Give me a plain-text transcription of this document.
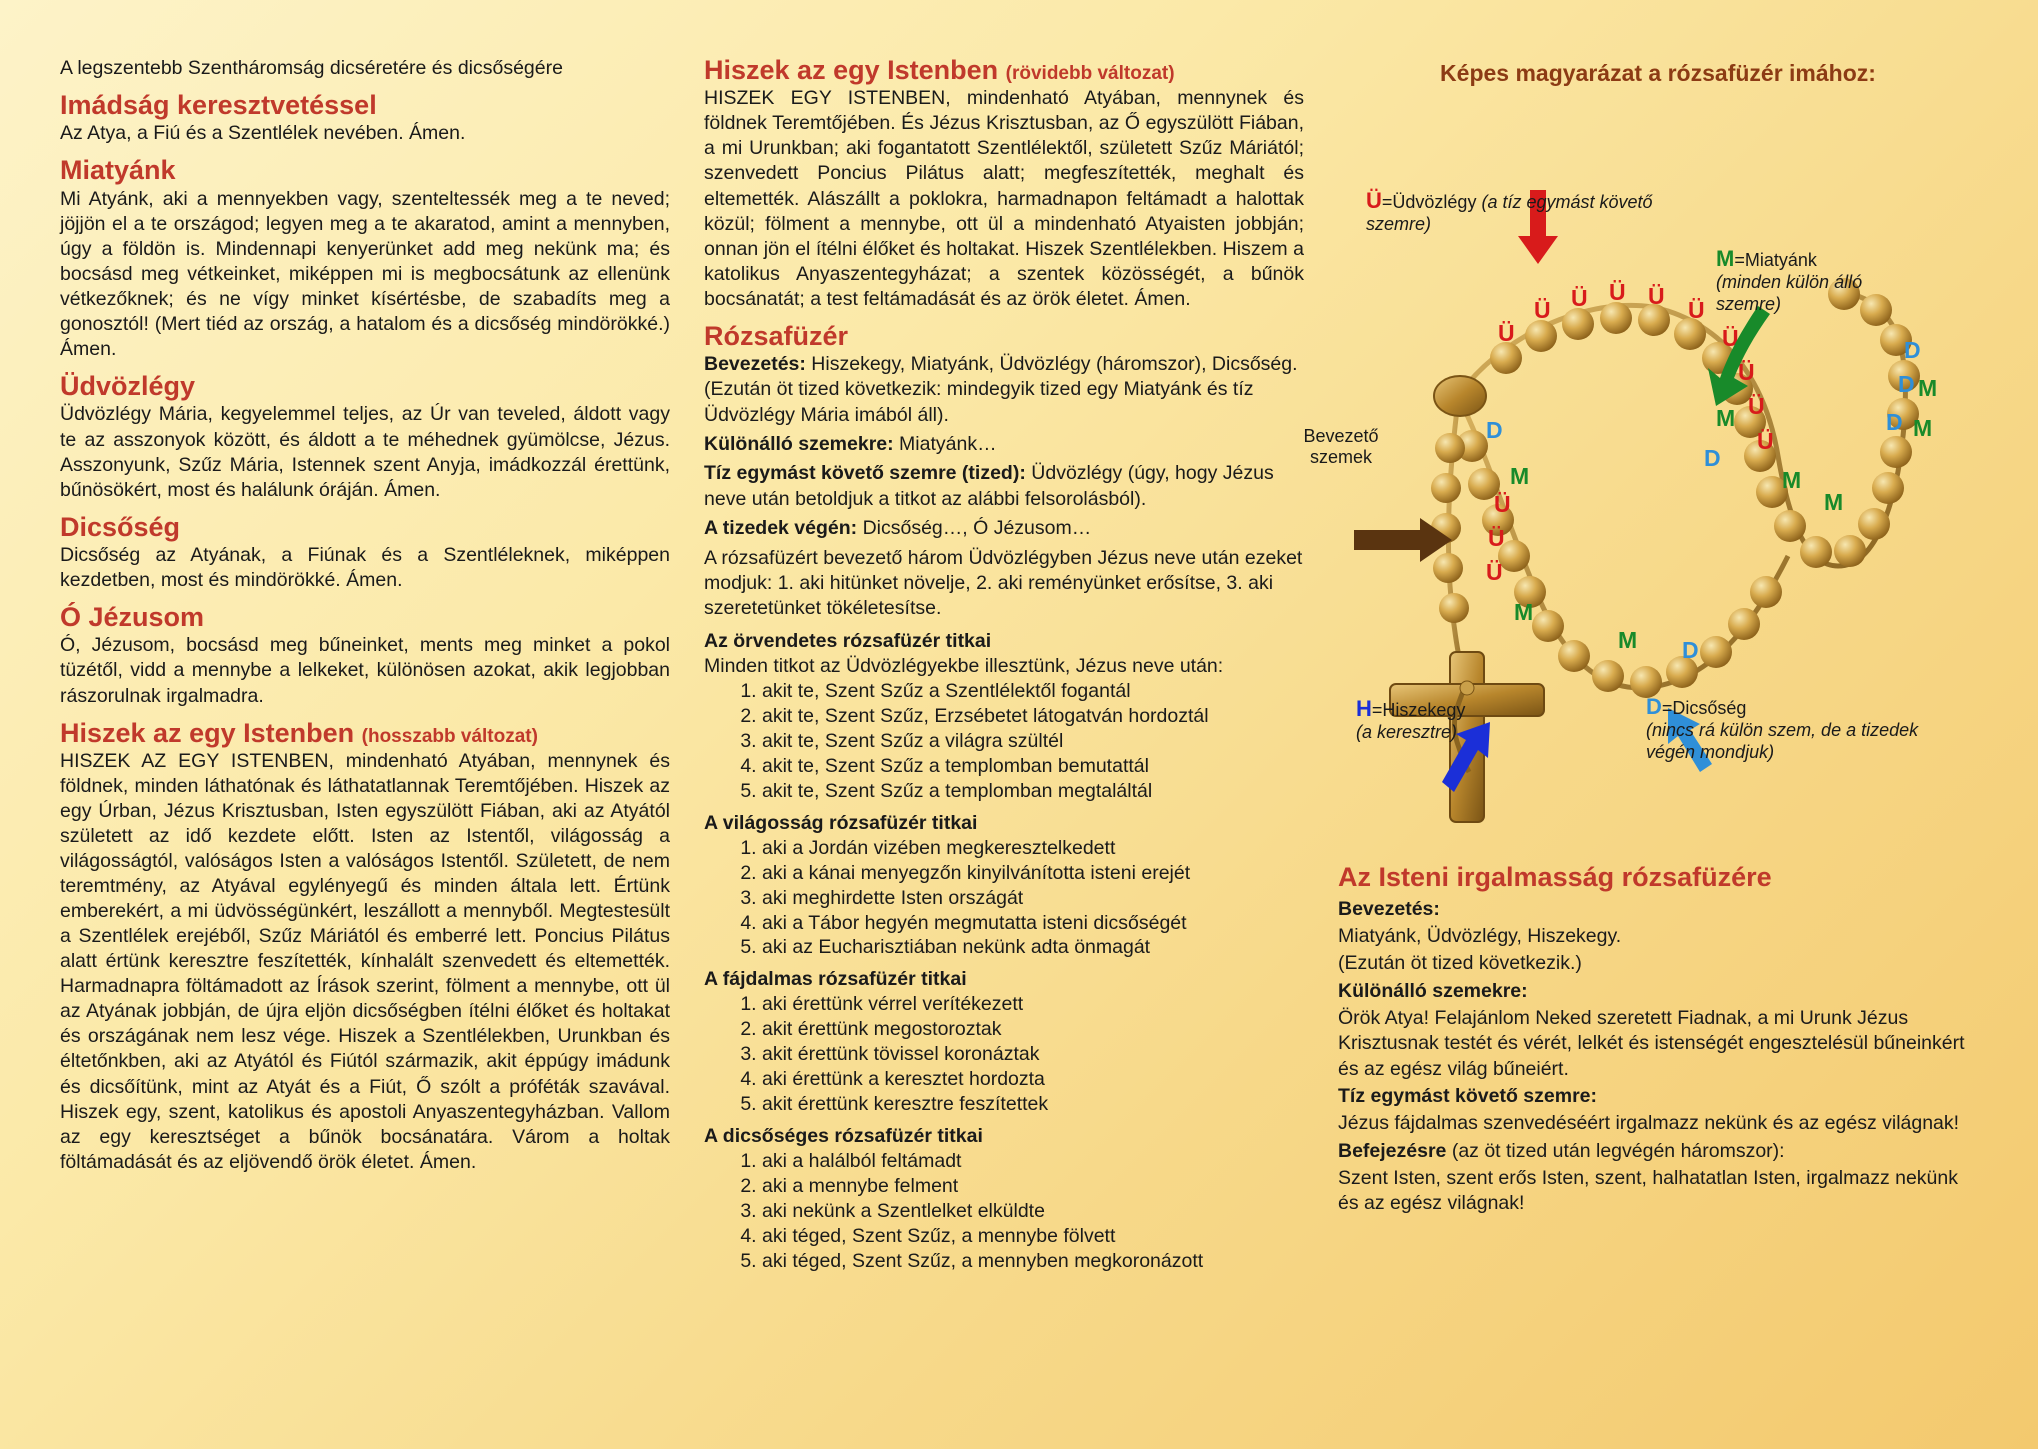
A legszentebb Szentháromság dicséretére és dicsőségére

Imádság keresztvetéssel

Az Atya, a Fiú és a Szentlélek nevében. Ámen.

Miatyánk

Mi Atyánk, aki a mennyekben vagy, szenteltessék meg a te neved; jöjjön el a te országod; legyen meg a te akaratod, amint a mennyben, úgy a földön is. Mindennapi kenyerünket add meg nekünk ma; és bocsásd meg vétkeinket, miképpen mi is megbocsátunk az ellenünk vétkezőknek; és ne vígy minket kísértésbe, de szabadíts meg a gonosztól! (Mert tiéd az ország, a hatalom és a dicsőség mindörökké.) Ámen.

Üdvözlégy

Üdvözlégy Mária, kegyelemmel teljes, az Úr van teveled, áldott vagy te az asszonyok között, és áldott a te méhednek gyümölcse, Jézus. Asszonyunk, Szűz Mária, Istennek szent Anyja, imádkozzál érettünk, bűnösökért, most és halálunk óráján. Ámen.

Dicsőség

Dicsőség az Atyának, a Fiúnak és a Szentléleknek, miképpen kezdetben, most és mindörökké. Ámen.

Ó Jézusom

Ó, Jézusom, bocsásd meg bűneinket, ments meg minket a pokol tüzétől, vidd a mennybe a lelkeket, különösen azokat, akik legjobban rászorulnak irgalmadra.

Hiszek az egy Istenben (hosszabb változat)

HISZEK AZ EGY ISTENBEN, mindenható Atyában, mennynek és földnek, minden láthatónak és láthatatlannak Teremtőjében. Hiszek az egy Úrban, Jézus Krisztusban, Isten egyszülött Fiában, aki az Atyától született az idő kezdete előtt. Isten az Istentől, világosság a világosságtól, valóságos Isten a valóságos Istentől. Született, de nem teremtmény, az Atyával egylényegű és minden általa lett. Értünk emberekért, a mi üdvösségünkért, leszállott a mennyből. Megtestesült a Szentlélek erejéből, Szűz Máriától és emberré lett. Poncius Pilátus alatt értünk keresztre feszítették, kínhalált szenvedett és eltemették. Harmadnapra föltámadott az Írások szerint, fölment a mennybe, ott ül az Atyának jobbján, de újra eljön dicsőségben ítélni élőket és holtakat és országának nem lesz vége. Hiszek a Szentlélekben, Urunkban és éltetőnkben, aki az Atyától és Fiútól származik, akit éppúgy imádunk és dicsőítünk, mint az Atyát és a Fiút, Ő szólt a próféták szavával. Hiszek egy, szent, katolikus és apostoli Anyaszentegyházban. Vallom az egy keresztséget a bűnök bocsánatára. Várom a holtak föltámadását és az eljövendő örök életet. Ámen.

Hiszek az egy Istenben (rövidebb változat)

HISZEK EGY ISTENBEN, mindenható Atyában, mennynek és földnek Teremtőjében. És Jézus Krisztusban, az Ő egyszülött Fiában, a mi Urunkban; aki fogantatott Szentlélektől, született Szűz Máriától; szenvedett Poncius Pilátus alatt; megfeszítették, meghalt és eltemették. Alászállt a poklokra, harmadnapon feltámadt a halottak közül; fölment a mennybe, ott ül a mindenható Atyaisten jobbján; onnan jön el ítélni élőket és holtakat. Hiszek Szentlélekben. Hiszem a katolikus Anyaszentegyházat; a szentek közösségét, a bűnök bocsánatát; a test feltámadását és az örök életet. Ámen.

Rózsafüzér

Bevezetés: Hiszekegy, Miatyánk, Üdvözlégy (háromszor), Dicsőség. (Ezután öt tized következik: mindegyik tized egy Miatyánk és tíz Üdvözlégy Mária imából áll).

Különálló szemekre: Miatyánk…

Tíz egymást követő szemre (tized): Üdvözlégy (úgy, hogy Jézus neve után betoldjuk a titkot az alábbi felsorolásból).

A tizedek végén: Dicsőség…, Ó Jézusom…

A rózsafüzért bevezető három Üdvözlégyben Jézus neve után ezeket modjuk: 1. aki hitünket növelje, 2. aki reményünket erősítse, 3. aki szeretetünket tökéletesítse.

Az örvendetes rózsafüzér titkai
Minden titkot az Üdvözlégyekbe illesztünk, Jézus neve után:
1. akit te, Szent Szűz a Szentlélektől fogantál
2. akit te, Szent Szűz, Erzsébetet látogatván hordoztál
3. akit te, Szent Szűz a világra szültél
4. akit te, Szent Szűz a templomban bemutattál
5. akit te, Szent Szűz a templomban megtaláltál
A világosság rózsafüzér titkai
1. aki a Jordán vizében megkeresztelkedett
2. aki a kánai menyegzőn kinyilvánította isteni erejét
3. aki meghirdette Isten országát
4. aki a Tábor hegyén megmutatta isteni dicsőségét
5. aki az Eucharisztiában nekünk adta önmagát
A fájdalmas rózsafüzér titkai
1. aki érettünk vérrel verítékezett
2. akit érettünk megostoroztak
3. akit érettünk tövissel koronáztak
4. aki érettünk a keresztet hordozta
5. akit érettünk keresztre feszítettek
A dicsőséges rózsafüzér titkai
1. aki a halálból feltámadt
2. aki a mennybe felment
3. aki nekünk a Szentlelket elküldte
4. aki téged, Szent Szűz, a mennybe fölvett
5. aki téged, Szent Szűz, a mennyben megkoronázott
Képes magyarázat a rózsafüzér imához:
Ü
Ü Ü Ü Ü
Ü
Ü
Ü
Ü
Ü
M
M
D
D
D
M
M
M
D
D
M
Ü
Ü
Ü
M
M D
Ü=Üdvözlégy (a tíz egymást követő szemre)
M=Miatyánk
(minden külön álló szemre)
Bevezető szemek
H=Hiszekegy
(a keresztre)
D=Dicsőség
(nincs rá külön szem, de a tizedek végén mondjuk)
Az Isteni irgalmasság rózsafüzére

Bevezetés:

Miatyánk, Üdvözlégy, Hiszekegy.

(Ezután öt tized következik.)

Különálló szemekre:

Örök Atya! Felajánlom Neked szeretett Fiadnak, a mi Urunk Jézus Krisztusnak testét és vérét, lelkét és istenségét engesztelésül bűneinkért és az egész világ bűneiért.

Tíz egymást követő szemre:

Jézus fájdalmas szenvedéséért irgalmazz nekünk és az egész világnak!

Befejezésre (az öt tized után legvégén háromszor):

Szent Isten, szent erős Isten, szent, halhatatlan Isten, irgalmazz nekünk és az egész világnak!
